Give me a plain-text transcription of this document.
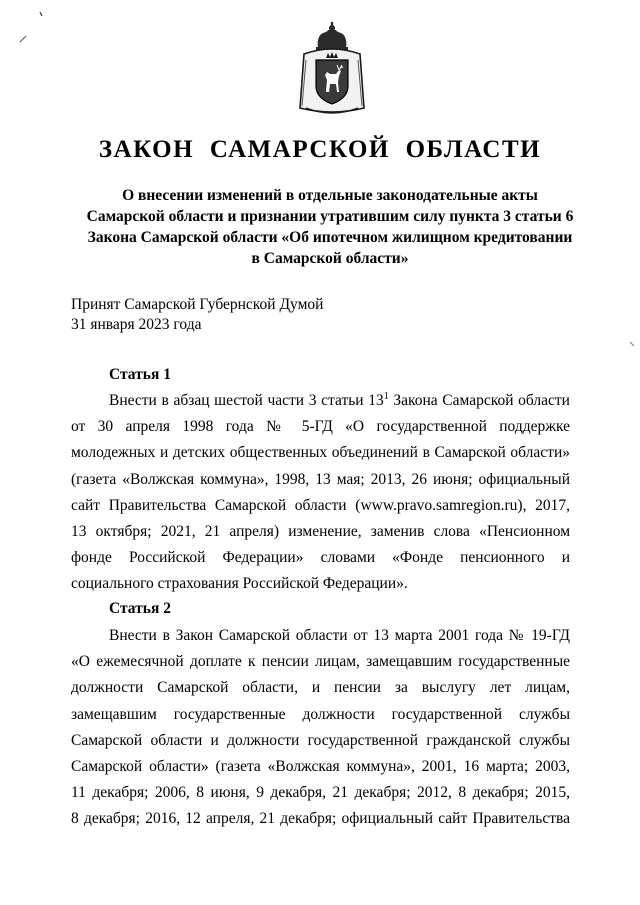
ЗАКОН САМАРСКОЙ ОБЛАСТИ
О внесении изменений в отдельные законодательные акты
Самарской области и признании утратившим силу пункта 3 статьи 6
Закона Самарской области «Об ипотечном жилищном кредитовании
в Самарской области»
Принят Самарской Губернской Думой
31 января 2023 года
Статья 1
Внести в абзац шестой части 3 статьи $13^1$ Закона Самарской области
от 30 апреля 1998 года № 5-ГД «О государственной поддержке
молодежных и детских общественных объединений в Самарской области»
(газета «Волжская коммуна», 1998, 13 мая; 2013, 26 июня; официальный
сайт Правительства Самарской области (www.pravo.samregion.ru), 2017,
13 октября; 2021, 21 апреля) изменение, заменив слова «Пенсионном
фонде Российской Федерации» словами «Фонде пенсионного и
социального страхования Российской Федерации».
Статья 2
Внести в Закон Самарской области от 13 марта 2001 года № 19-ГД
«О ежемесячной доплате к пенсии лицам, замещавшим государственные
должности Самарской области, и пенсии за выслугу лет лицам,
замещавшим государственные должности государственной службы
Самарской области и должности государственной гражданской службы
Самарской области» (газета «Волжская коммуна», 2001, 16 марта; 2003,
11 декабря; 2006, 8 июня, 9 декабря, 21 декабря; 2012, 8 декабря; 2015,
8 декабря; 2016, 12 апреля, 21 декабря; официальный сайт Правительства
